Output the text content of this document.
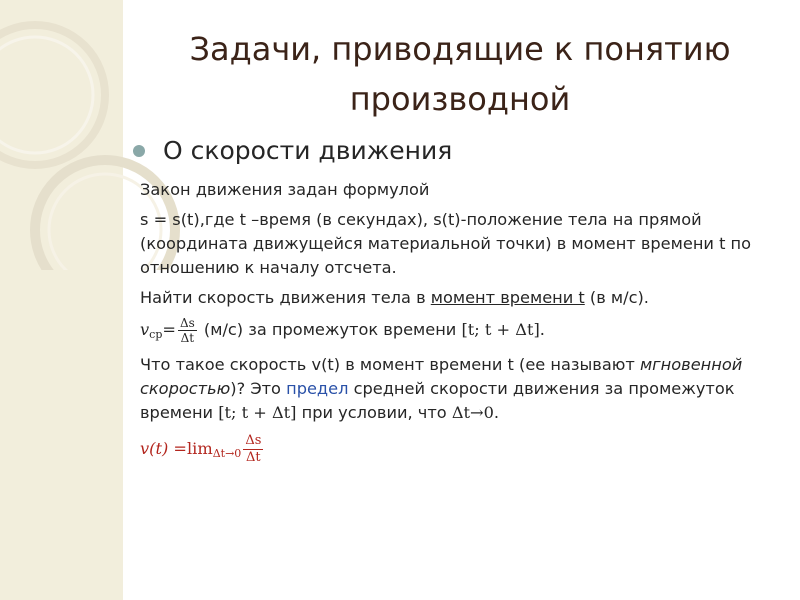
Задачи, приводящие к понятию производной
О скорости движения

Закон движения задан формулой

s = s(t),где t –время (в секундах), s(t)-положение тела на прямой (координата движущейся материальной точки) в момент времени t по отношению к началу отсчета.

Найти скорость движения тела в момент времени t (в м/с).

$v_{ср}= \frac{\Delta s}{\Delta t} (м/с)$ за промежуток времени [t; t + Δt].

Что такое скорость v(t) в момент времени t (ее называют мгновенной скоростью)? Это предел средней скорости движения за промежуток времени [t; t + Δt] при условии, что Δt→0.

$v(t) =\lim_{\Delta t\to 0} \frac{\Delta s}{\Delta t}$
